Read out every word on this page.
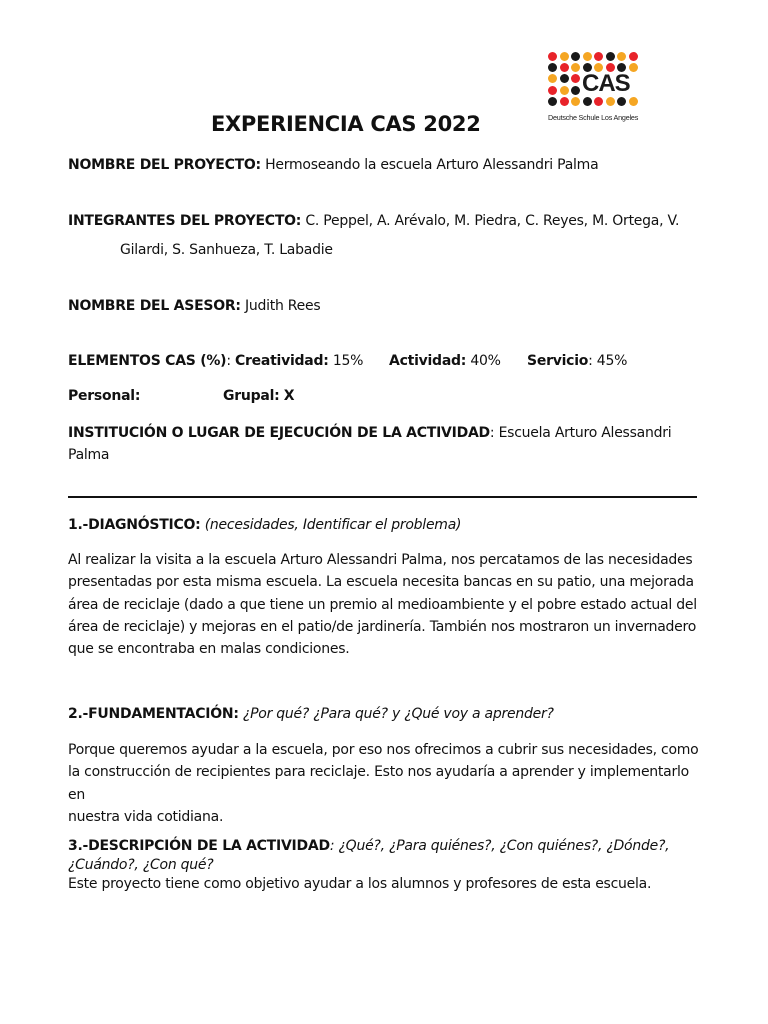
CAS
Deutsche Schule Los Angeles
EXPERIENCIA CAS 2022
NOMBRE DEL PROYECTO: Hermoseando la escuela Arturo Alessandri Palma
INTEGRANTES DEL PROYECTO: C. Peppel, A. Arévalo, M. Piedra, C. Reyes, M. Ortega, V.
Gilardi, S. Sanhueza, T. Labadie
NOMBRE DEL ASESOR: Judith Rees
ELEMENTOS CAS (%): Creatividad: 15% Actividad: 40% Servicio: 45%
Personal:	Grupal: X
INSTITUCIÓN O LUGAR DE EJECUCIÓN DE LA ACTIVIDAD: Escuela Arturo Alessandri
Palma
1.-DIAGNÓSTICO: (necesidades, Identificar el problema)
Al realizar la visita a la escuela Arturo Alessandri Palma, nos percatamos de las necesidades
presentadas por esta misma escuela. La escuela necesita bancas en su patio, una mejorada
área de reciclaje (dado a que tiene un premio al medioambiente y el pobre estado actual del
área de reciclaje) y mejoras en el patio/de jardinería. También nos mostraron un invernadero
que se encontraba en malas condiciones.
2.-FUNDAMENTACIÓN: ¿Por qué? ¿Para qué? y ¿Qué voy a aprender?
Porque queremos ayudar a la escuela, por eso nos ofrecimos a cubrir sus necesidades, como
la construcción de recipientes para reciclaje. Esto nos ayudaría a aprender y implementarlo en
nuestra vida cotidiana.
3.-DESCRIPCIÓN DE LA ACTIVIDAD: ¿Qué?, ¿Para quiénes?, ¿Con quiénes?, ¿Dónde?,
¿Cuándo?, ¿Con qué?
Este proyecto tiene como objetivo ayudar a los alumnos y profesores de esta escuela.
